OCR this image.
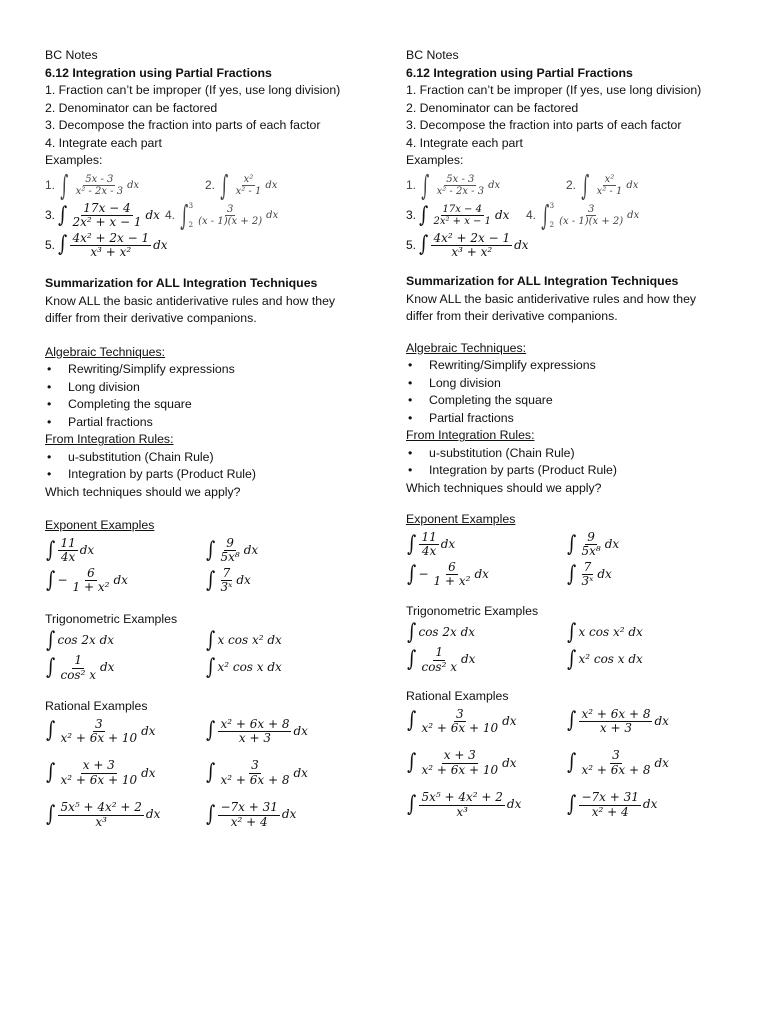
BC Notes

6.12 Integration using Partial Fractions

1. Fraction can’t be improper (If yes, use long division)

2. Denominator can be factored

3. Decompose the fraction into parts of each factor

4. Integrate each part

Examples:

1. ∫ $\frac{5x - 3}{\text{x² - 2x - 3}}$ dx	2. ∫ $\frac{\text{x²}}{\text{x² - 1}}$ dx
3. ∫ $\frac{17x - 4}{\text{2x² + x − 1}}$ dx 4. ∫ 3
$2 \frac{3}{(x - 1)(x + 2)}$ dx
5. ∫ $\frac{\text{4x² + 2x − 1}}{\text{x³ + x²}}$ dx

Summarization for ALL Integration Techniques

Know ALL the basic antiderivative rules and how they

differ from their derivative companions.

Algebraic Techniques:

• Rewriting/Simplify expressions
• Long division
• Completing the square
• Partial fractions

From Integration Rules:

• u-substitution (Chain Rule)
• Integration by parts (Product Rule)

Which techniques should we apply?

Exponent Examples

∫ $\frac{11}{4x}$ dx	∫ $\frac{9}{\text{5x⁸}}$ dx
∫ − $\frac{6}{\text{1 + x²}}$ dx	∫ $\frac{7}{\text{3ˣ}}$ dx

Trigonometric Examples

∫ cos 2x dx	∫ x cos x² dx
∫ $\frac{1}{\text{cos² x}}$ dx	∫ x² cos x dx

Rational Examples

∫ $\frac{3}{\text{x² + 6x + 10}}$ dx ∫ $\frac{\text{x² + 6x + 8}}{x + 3}$ dx
∫ $\frac{x + 3}{\text{x² + 6x + 10}}$ dx ∫ $\frac{3}{\text{x² + 6x + 8}}$ dx
∫ $\frac{\text{5x⁵ + 4x² + 2}}{\text{x³}}$ dx ∫ $\frac{-7x + 31}{\text{x² + 4}}$ dx

BC Notes

6.12 Integration using Partial Fractions

1. Fraction can’t be improper (If yes, use long division)

2. Denominator can be factored

3. Decompose the fraction into parts of each factor

4. Integrate each part

Examples:

1. ∫ $\frac{5x - 3}{\text{x² - 2x - 3}}$ dx	2. ∫ $\frac{\text{x²}}{\text{x² - 1}}$ dx
3. ∫ $\frac{17x - 4}{\text{2x² + x − 1}}$ dx 4. ∫ 3
$2 \frac{3}{(x - 1)(x + 2)}$ dx
5. ∫ $\frac{\text{4x² + 2x − 1}}{\text{x³ + x²}}$ dx

Summarization for ALL Integration Techniques

Know ALL the basic antiderivative rules and how they

differ from their derivative companions.

Algebraic Techniques:

• Rewriting/Simplify expressions
• Long division
• Completing the square
• Partial fractions

From Integration Rules:

• u-substitution (Chain Rule)
• Integration by parts (Product Rule)

Which techniques should we apply?

Exponent Examples

∫ $\frac{11}{4x}$ dx	∫ $\frac{9}{\text{5x⁸}}$ dx
∫ − $\frac{6}{\text{1 + x²}}$ dx	∫ $\frac{7}{\text{3ˣ}}$ dx

Trigonometric Examples

∫ cos 2x dx	∫ x cos x² dx
∫ $\frac{1}{\text{cos² x}}$ dx	∫ x² cos x dx

Rational Examples

∫ $\frac{3}{\text{x² + 6x + 10}}$ dx ∫ $\frac{\text{x² + 6x + 8}}{x + 3}$ dx
∫ $\frac{x + 3}{\text{x² + 6x + 10}}$ dx ∫ $\frac{3}{\text{x² + 6x + 8}}$ dx
∫ $\frac{\text{5x⁵ + 4x² + 2}}{\text{x³}}$ dx ∫ $\frac{-7x + 31}{\text{x² + 4}}$ dx
